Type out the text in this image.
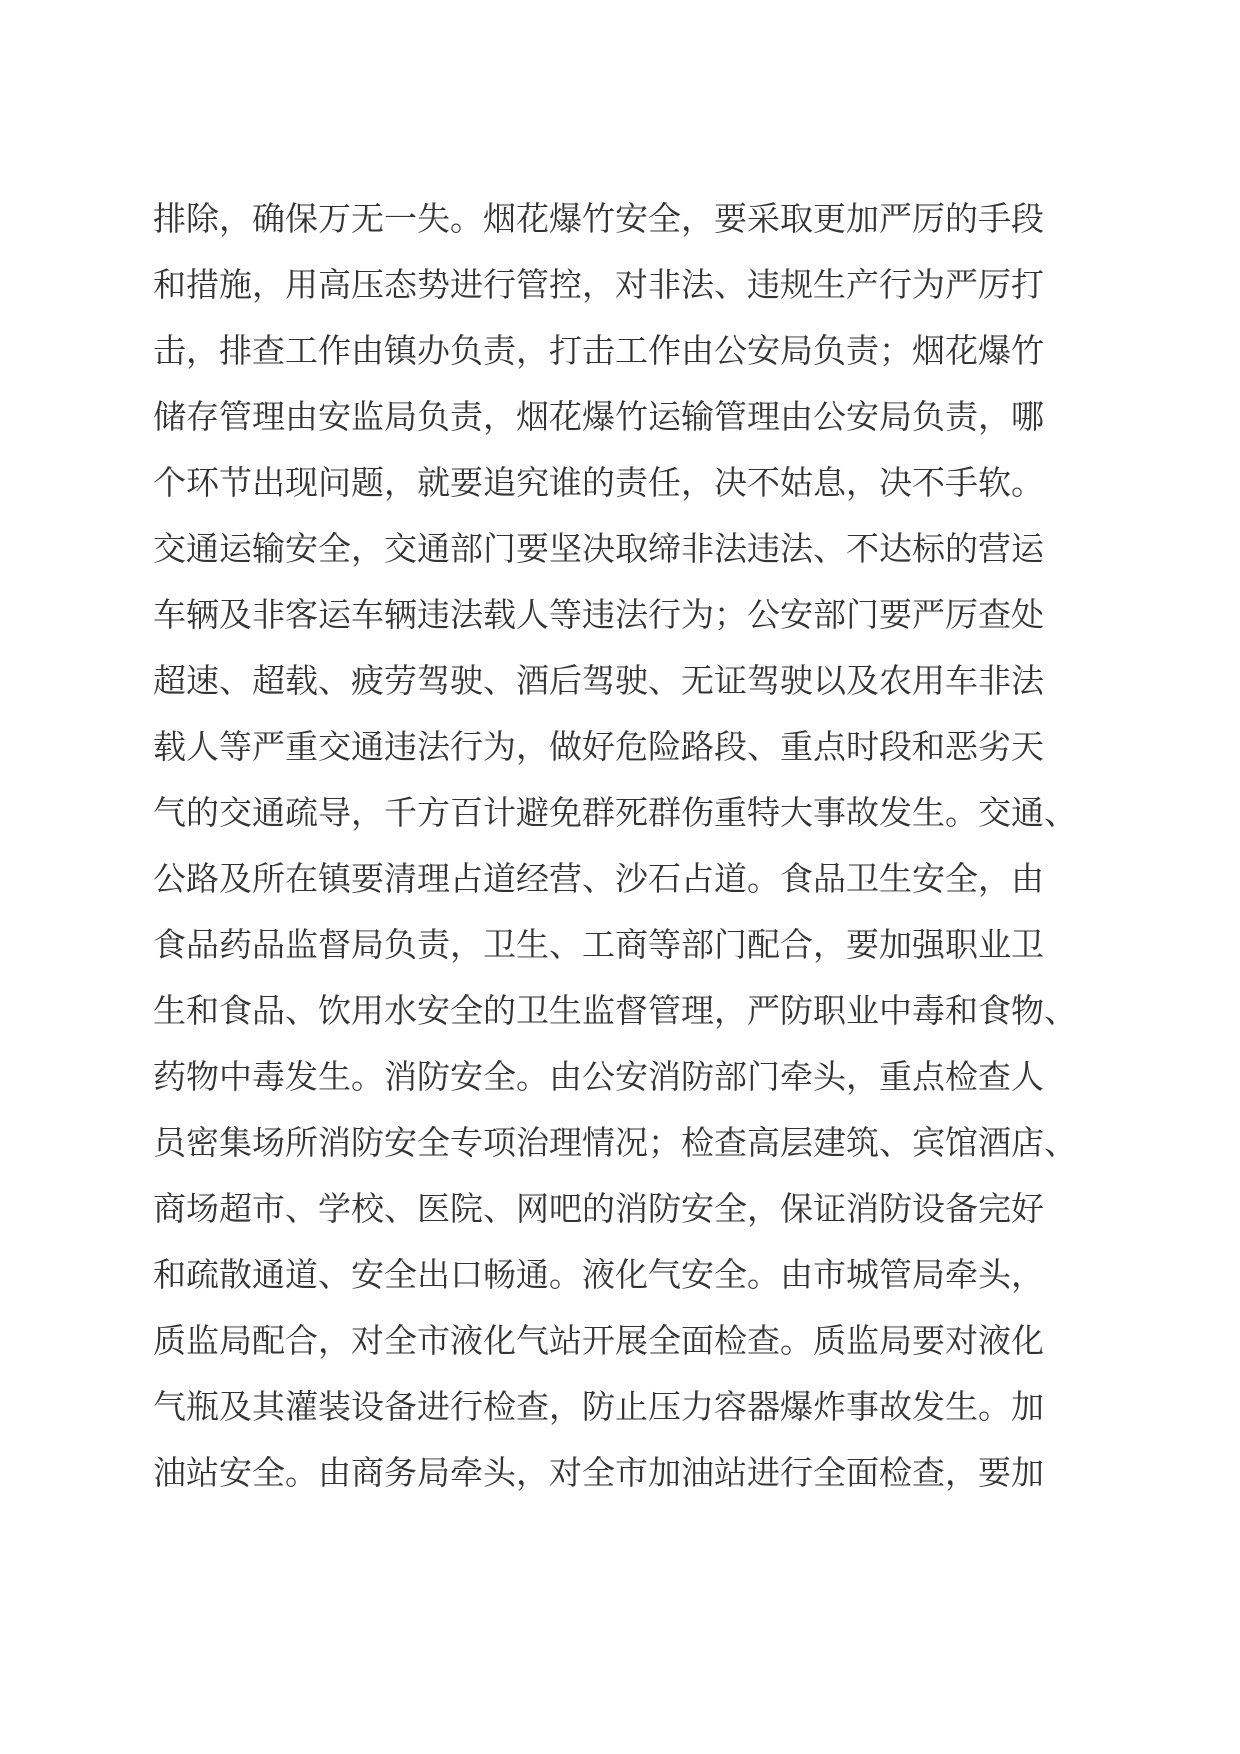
排除，确保万无一失。烟花爆竹安全，要采取更加严厉的手段
和措施，用高压态势进行管控，对非法、违规生产行为严厉打
击，排查工作由镇办负责，打击工作由公安局负责；烟花爆竹
储存管理由安监局负责，烟花爆竹运输管理由公安局负责，哪
个环节出现问题，就要追究谁的责任，决不姑息，决不手软。
交通运输安全，交通部门要坚决取缔非法违法、不达标的营运
车辆及非客运车辆违法载人等违法行为；公安部门要严厉查处
超速、超载、疲劳驾驶、酒后驾驶、无证驾驶以及农用车非法
载人等严重交通违法行为，做好危险路段、重点时段和恶劣天
气的交通疏导，千方百计避免群死群伤重特大事故发生。交通、
公路及所在镇要清理占道经营、沙石占道。食品卫生安全，由
食品药品监督局负责，卫生、工商等部门配合，要加强职业卫
生和食品、饮用水安全的卫生监督管理，严防职业中毒和食物、
药物中毒发生。消防安全。由公安消防部门牵头，重点检查人
员密集场所消防安全专项治理情况；检查高层建筑、宾馆酒店、
商场超市、学校、医院、网吧的消防安全，保证消防设备完好
和疏散通道、安全出口畅通。液化气安全。由市城管局牵头，
质监局配合，对全市液化气站开展全面检查。质监局要对液化
气瓶及其灌装设备进行检查，防止压力容器爆炸事故发生。加
油站安全。由商务局牵头，对全市加油站进行全面检查，要加
